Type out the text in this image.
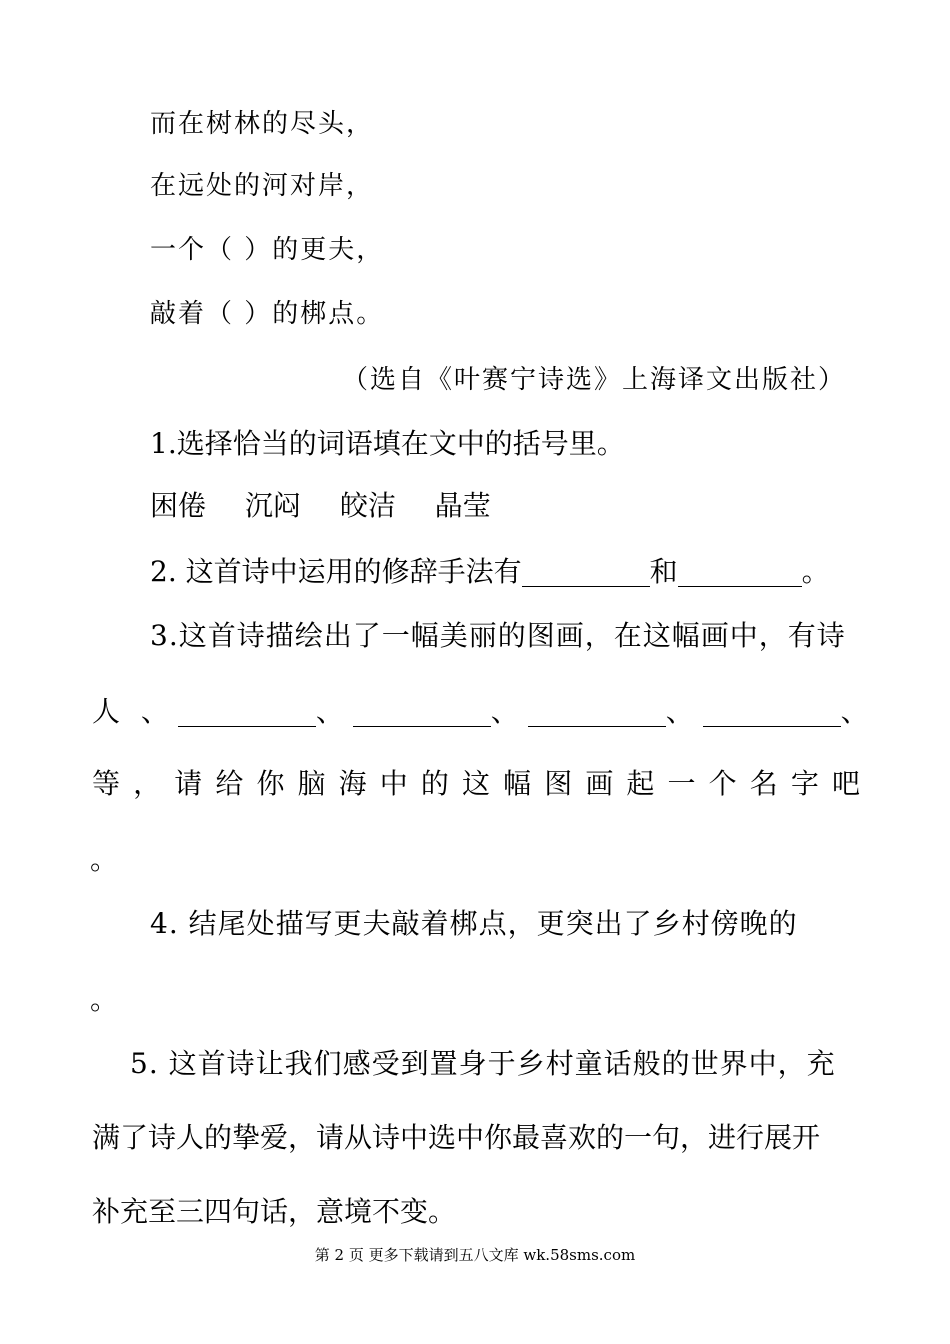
而在树林的尽头，
在远处的河对岸，
一个（ ）的更夫，
敲着（ ）的梆点。
（选自《叶赛宁诗选》上海译文出版社）
1.选择恰当的词语填在文中的括号里。
困倦 沉闷 皎洁 晶莹
2. 这首诗中运用的修辞手法有	和	。
3.这首诗描绘出了一幅美丽的图画，在这幅画中，有诗
人 、	、	、	、	、
等 ， 请 给 你 脑 海 中 的 这 幅 图 画 起 一 个 名 字 吧
。
4. 结尾处描写更夫敲着梆点，更突出了乡村傍晚的
。
5. 这首诗让我们感受到置身于乡村童话般的世界中，充
满了诗人的挚爱，请从诗中选中你最喜欢的一句，进行展开
补充至三四句话，意境不变。
第 2 页 更多下载请到五八文库 wk.58sms.com
